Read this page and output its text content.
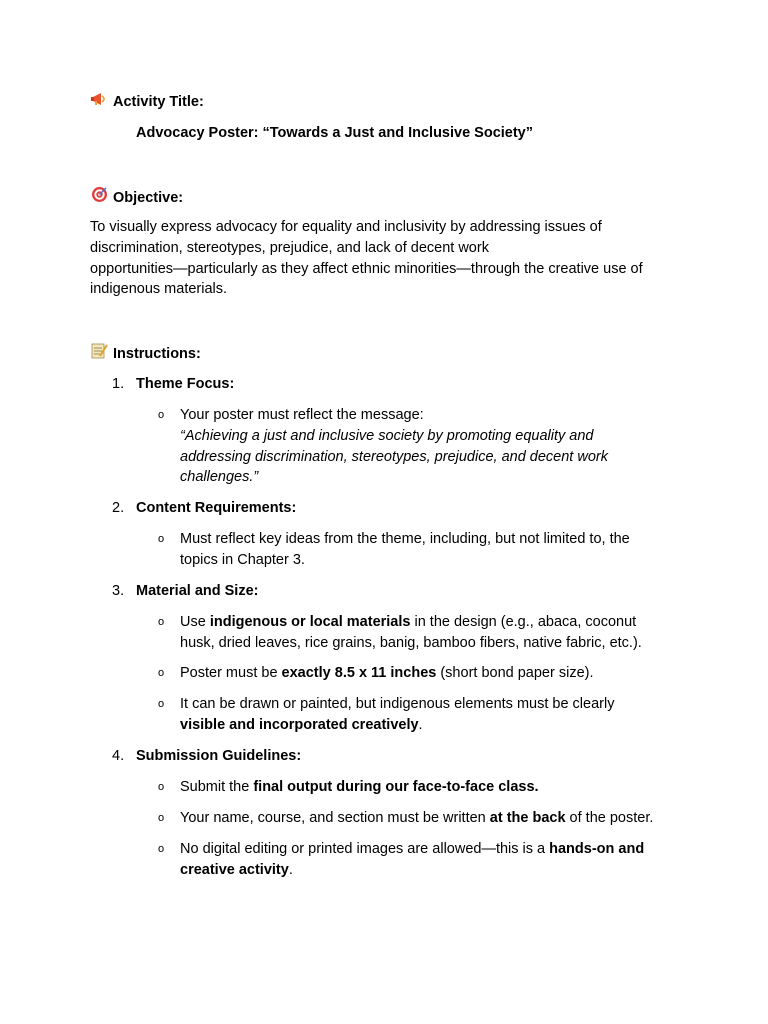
Activity Title:
Advocacy Poster: “Towards a Just and Inclusive Society”
Objective:
To visually express advocacy for equality and inclusivity by addressing issues of
discrimination, stereotypes, prejudice, and lack of decent work
opportunities—particularly as they affect ethnic minorities—through the creative use of
indigenous materials.
Instructions:
1. Theme Focus:
o	Your poster must reflect the message:
“Achieving a just and inclusive society by promoting equality and
addressing discrimination, stereotypes, prejudice, and decent work
challenges.”
2. Content Requirements:
o	Must reflect key ideas from the theme, including, but not limited to, the
topics in Chapter 3.
3. Material and Size:
o	Use indigenous or local materials in the design (e.g., abaca, coconut
husk, dried leaves, rice grains, banig, bamboo fibers, native fabric, etc.).
o	Poster must be exactly 8.5 x 11 inches (short bond paper size).
o	It can be drawn or painted, but indigenous elements must be clearly
visible and incorporated creatively.
4. Submission Guidelines:
o	Submit the final output during our face-to-face class.
o	Your name, course, and section must be written at the back of the poster.
o	No digital editing or printed images are allowed—this is a hands-on and
creative activity.
